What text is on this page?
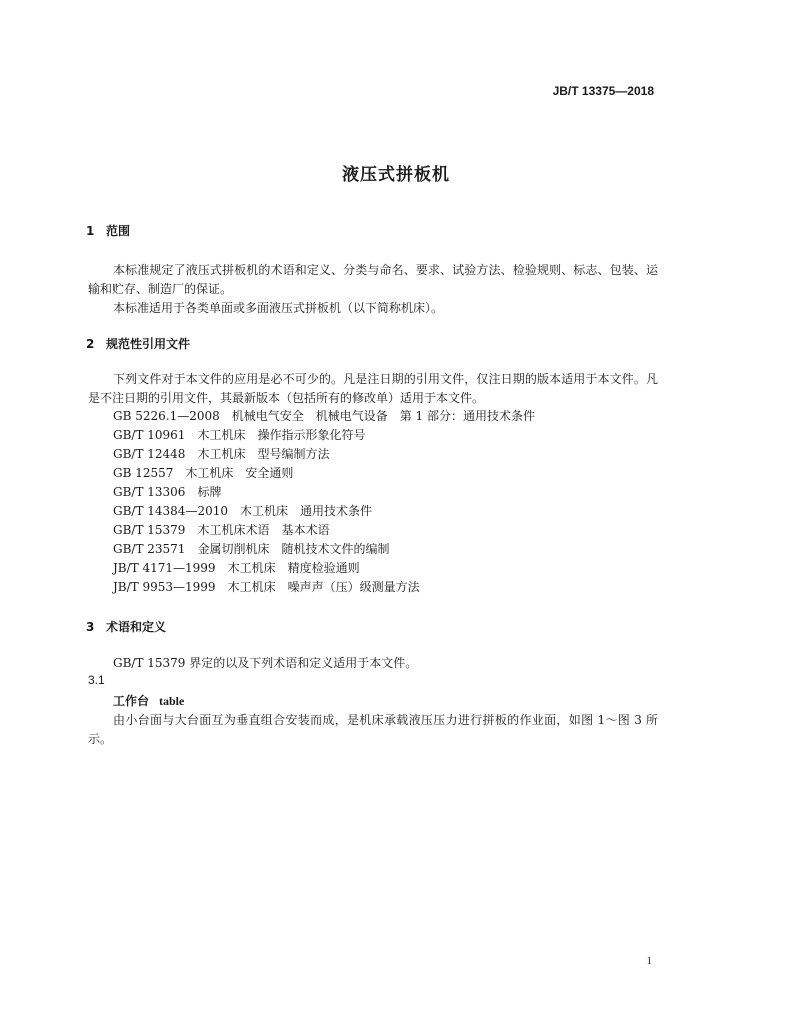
JB/T 13375—2018
液压式拼板机
1 范围
本标准规定了液压式拼板机的术语和定义、分类与命名、要求、试验方法、检验规则、标志、包装、运输和贮存、制造厂的保证。
本标准适用于各类单面或多面液压式拼板机（以下简称机床）。
2 规范性引用文件
下列文件对于本文件的应用是必不可少的。凡是注日期的引用文件，仅注日期的版本适用于本文件。凡是不注日期的引用文件，其最新版本（包括所有的修改单）适用于本文件。
GB 5226.1—2008　机械电气安全　机械电气设备　第 1 部分：通用技术条件
GB/T 10961　木工机床　操作指示形象化符号
GB/T 12448　木工机床　型号编制方法
GB 12557　木工机床　安全通则
GB/T 13306　标牌
GB/T 14384—2010　木工机床　通用技术条件
GB/T 15379　木工机床术语　基本术语
GB/T 23571　金属切削机床　随机技术文件的编制
JB/T 4171—1999　木工机床　精度检验通则
JB/T 9953—1999　木工机床　噪声声（压）级测量方法
3 术语和定义
GB/T 15379 界定的以及下列术语和定义适用于本文件。
3.1
工作台 table
由小台面与大台面互为垂直组合安装而成，是机床承载液压压力进行拼板的作业面，如图 1～图 3 所示。
1
